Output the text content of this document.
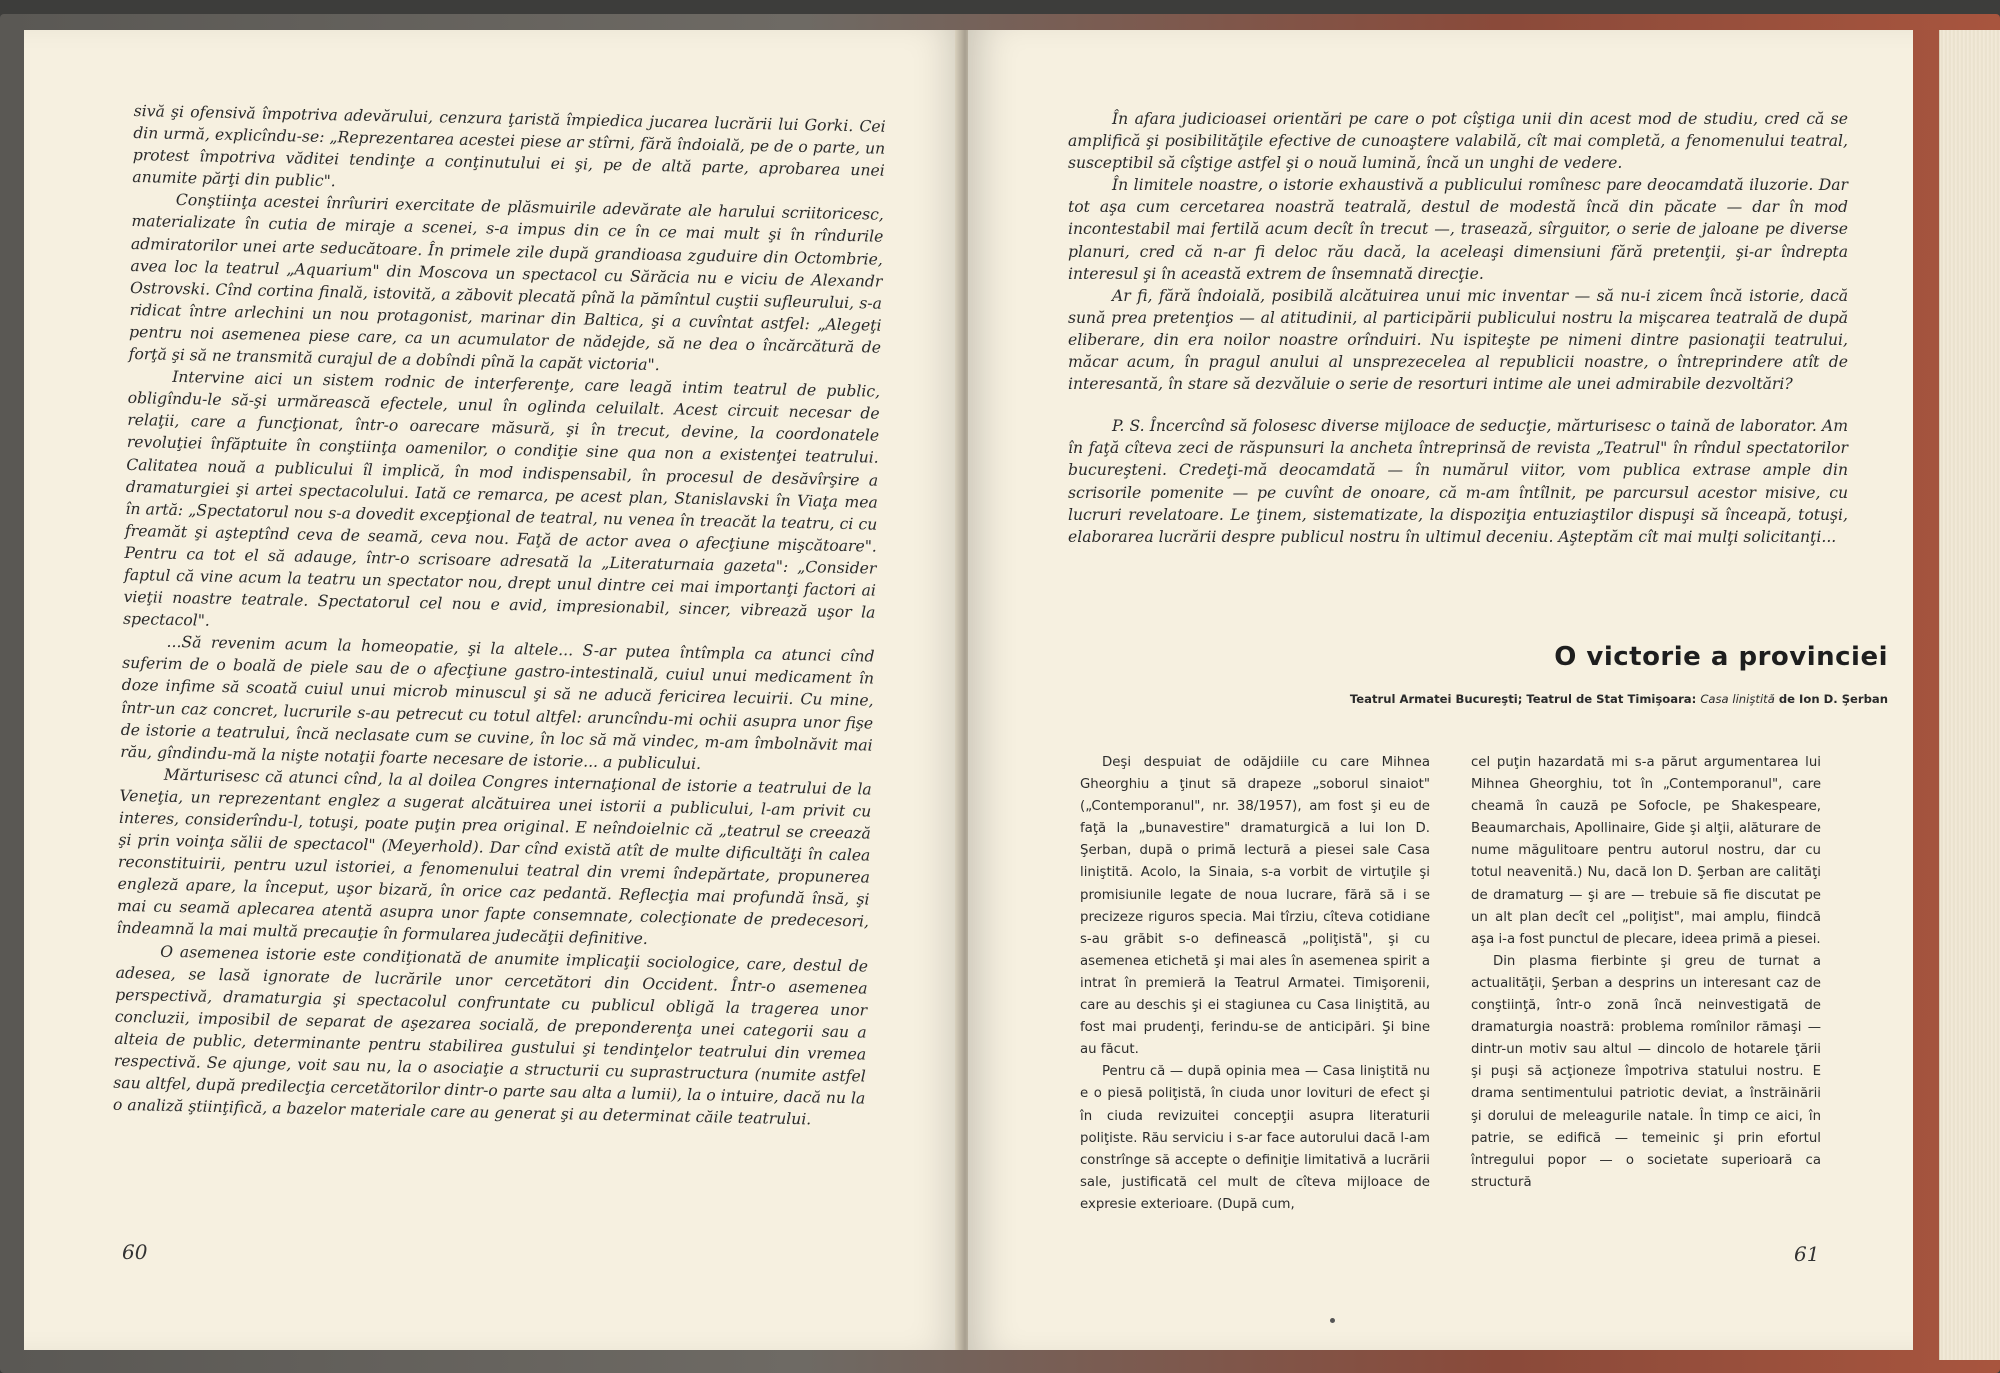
sivă şi ofensivă împotriva adevărului, cenzura ţaristă împiedica jucarea lucrării lui Gorki. Cei din urmă, explicîndu-se: „Reprezentarea acestei piese ar stîrni, fără îndoială, pe de o parte, un protest împotriva văditei tendinţe a conţinutului ei şi, pe de altă parte, aprobarea unei anumite părţi din public".

Conştiinţa acestei înrîuriri exercitate de plăsmuirile adevărate ale harului scriitoricesc, materializate în cutia de miraje a scenei, s-a impus din ce în ce mai mult şi în rîndurile admiratorilor unei arte seducătoare. În primele zile după grandioasa zguduire din Octombrie, avea loc la teatrul „Aquarium" din Moscova un spectacol cu Sărăcia nu e viciu de Alexandr Ostrovski. Cînd cortina finală, istovită, a zăbovit plecată pînă la pămîntul cuştii sufleurului, s-a ridicat între arlechini un nou protagonist, marinar din Baltica, şi a cuvîntat astfel: „Alegeţi pentru noi asemenea piese care, ca un acumulator de nădejde, să ne dea o încărcătură de forţă şi să ne transmită curajul de a dobîndi pînă la capăt victoria".

Intervine aici un sistem rodnic de interferenţe, care leagă intim teatrul de public, obligîndu-le să-şi urmărească efectele, unul în oglinda celuilalt. Acest circuit necesar de relaţii, care a funcţionat, într-o oarecare măsură, şi în trecut, devine, la coordonatele revoluţiei înfăptuite în conştiinţa oamenilor, o condiţie sine qua non a existenţei teatrului. Calitatea nouă a publicului îl implică, în mod indispensabil, în procesul de desăvîrşire a dramaturgiei şi artei spectacolului. Iată ce remarca, pe acest plan, Stanislavski în Viaţa mea în artă: „Spectatorul nou s-a dovedit excepţional de teatral, nu venea în treacăt la teatru, ci cu freamăt şi aşteptînd ceva de seamă, ceva nou. Faţă de actor avea o afecţiune mişcătoare". Pentru ca tot el să adauge, într-o scrisoare adresată la „Literaturnaia gazeta": „Consider faptul că vine acum la teatru un spectator nou, drept unul dintre cei mai importanţi factori ai vieţii noastre teatrale. Spectatorul cel nou e avid, impresionabil, sincer, vibrează uşor la spectacol".

...Să revenim acum la homeopatie, şi la altele... S-ar putea întîmpla ca atunci cînd suferim de o boală de piele sau de o afecţiune gastro-intestinală, cuiul unui medicament în doze infime să scoată cuiul unui microb minuscul şi să ne aducă fericirea lecuirii. Cu mine, într-un caz concret, lucrurile s-au petrecut cu totul altfel: aruncîndu-mi ochii asupra unor fişe de istorie a teatrului, încă neclasate cum se cuvine, în loc să mă vindec, m-am îmbolnăvit mai rău, gîndindu-mă la nişte notaţii foarte necesare de istorie... a publicului.

Mărturisesc că atunci cînd, la al doilea Congres internaţional de istorie a teatrului de la Veneţia, un reprezentant englez a sugerat alcătuirea unei istorii a publicului, l-am privit cu interes, considerîndu-l, totuşi, poate puţin prea original. E neîndoielnic că „teatrul se creează şi prin voinţa sălii de spectacol" (Meyerhold). Dar cînd există atît de multe dificultăţi în calea reconstituirii, pentru uzul istoriei, a fenomenului teatral din vremi îndepărtate, propunerea engleză apare, la început, uşor bizară, în orice caz pedantă. Reflecţia mai profundă însă, şi mai cu seamă aplecarea atentă asupra unor fapte consemnate, colecţionate de predecesori, îndeamnă la mai multă precauţie în formularea judecăţii definitive.

O asemenea istorie este condiţionată de anumite implicaţii sociologice, care, destul de adesea, se lasă ignorate de lucrările unor cercetători din Occident. Într-o asemenea perspectivă, dramaturgia şi spectacolul confruntate cu publicul obligă la tragerea unor concluzii, imposibil de separat de aşezarea socială, de preponderenţa unei categorii sau a alteia de public, determinante pentru stabilirea gustului şi tendinţelor teatrului din vremea respectivă. Se ajunge, voit sau nu, la o asociaţie a structurii cu suprastructura (numite astfel sau altfel, după predilecţia cercetătorilor dintr-o parte sau alta a lumii), la o intuire, dacă nu la o analiză ştiinţifică, a bazelor materiale care au generat şi au determinat căile teatrului.

60

În afara judicioasei orientări pe care o pot cîştiga unii din acest mod de studiu, cred că se amplifică şi posibilităţile efective de cunoaştere valabilă, cît mai completă, a fenomenului teatral, susceptibil să cîştige astfel şi o nouă lumină, încă un unghi de vedere.

În limitele noastre, o istorie exhaustivă a publicului romînesc pare deocamdată iluzorie. Dar tot aşa cum cercetarea noastră teatrală, destul de modestă încă din păcate — dar în mod incontestabil mai fertilă acum decît în trecut —, trasează, sîrguitor, o serie de jaloane pe diverse planuri, cred că n-ar fi deloc rău dacă, la aceleaşi dimensiuni fără pretenţii, şi-ar îndrepta interesul şi în această extrem de însemnată direcţie.

Ar fi, fără îndoială, posibilă alcătuirea unui mic inventar — să nu-i zicem încă istorie, dacă sună prea pretenţios — al atitudinii, al participării publicului nostru la mişcarea teatrală de după eliberare, din era noilor noastre orînduiri. Nu ispiteşte pe nimeni dintre pasionaţii teatrului, măcar acum, în pragul anului al unsprezecelea al republicii noastre, o întreprindere atît de interesantă, în stare să dezvăluie o serie de resorturi intime ale unei admirabile dezvoltări?

P. S. Încercînd să folosesc diverse mijloace de seducţie, mărturisesc o taină de laborator. Am în faţă cîteva zeci de răspunsuri la ancheta întreprinsă de revista „Teatrul" în rîndul spectatorilor bucureşteni. Credeţi-mă deocamdată — în numărul viitor, vom publica extrase ample din scrisorile pomenite — pe cuvînt de onoare, că m-am întîlnit, pe parcursul acestor misive, cu lucruri revelatoare. Le ţinem, sistematizate, la dispoziţia entuziaştilor dispuşi să înceapă, totuşi, elaborarea lucrării despre publicul nostru în ultimul deceniu. Aşteptăm cît mai mulţi solicitanţi...

O victorie a provinciei
Teatrul Armatei Bucureşti; Teatrul de Stat Timişoara: Casa liniştită de Ion D. Şerban

Deşi despuiat de odăjdiile cu care Mihnea Gheorghiu a ţinut să drapeze „soborul sinaiot" („Contemporanul", nr. 38/1957), am fost şi eu de faţă la „bunavestire" dramaturgică a lui Ion D. Şerban, după o primă lectură a piesei sale Casa liniştită. Acolo, la Sinaia, s-a vorbit de virtuţile şi promisiunile legate de noua lucrare, fără să i se precizeze riguros specia. Mai tîrziu, cîteva cotidiane s-au grăbit s-o definească „poliţistă", şi cu asemenea etichetă şi mai ales în asemenea spirit a intrat în premieră la Teatrul Armatei. Timişorenii, care au deschis şi ei stagiunea cu Casa liniştită, au fost mai prudenţi, ferindu-se de anticipări. Şi bine au făcut.

Pentru că — după opinia mea — Casa liniştită nu e o piesă poliţistă, în ciuda unor lovituri de efect şi în ciuda revizuitei concepţii asupra literaturii poliţiste. Rău serviciu i s-ar face autorului dacă l-am constrînge să accepte o definiţie limitativă a lucrării sale, justificată cel mult de cîteva mijloace de expresie exterioare. (După cum,

cel puţin hazardată mi s-a părut argumentarea lui Mihnea Gheorghiu, tot în „Contemporanul", care cheamă în cauză pe Sofocle, pe Shakespeare, Beaumarchais, Apollinaire, Gide şi alţii, alăturare de nume măgulitoare pentru autorul nostru, dar cu totul neavenită.) Nu, dacă Ion D. Şerban are calităţi de dramaturg — şi are — trebuie să fie discutat pe un alt plan decît cel „poliţist", mai amplu, fiindcă aşa i-a fost punctul de plecare, ideea primă a piesei.

Din plasma fierbinte şi greu de turnat a actualităţii, Şerban a desprins un interesant caz de conştiinţă, într-o zonă încă neinvestigată de dramaturgia noastră: problema romînilor rămaşi — dintr-un motiv sau altul — dincolo de hotarele ţării şi puşi să acţioneze împotriva statului nostru. E drama sentimentului patriotic deviat, a înstrăinării şi dorului de meleagurile natale. În timp ce aici, în patrie, se edifică — temeinic şi prin efortul întregului popor — o societate superioară ca structură

61
